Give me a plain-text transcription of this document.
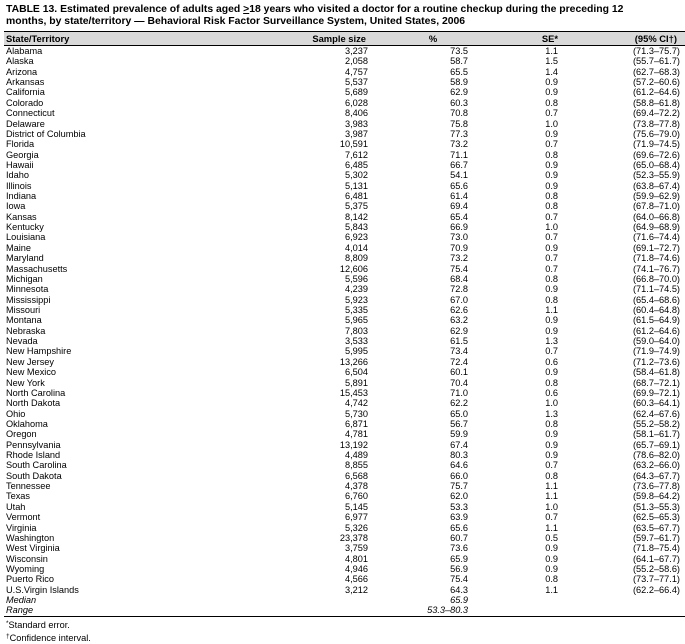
TABLE 13. Estimated prevalence of adults aged ≥18 years who visited a doctor for a routine checkup during the preceding 12 months, by state/territory — Behavioral Risk Factor Surveillance System, United States, 2006
State/Territory	Sample size	%	SE*	(95% CI†)
Alabama	3,237	73.5	1.1	(71.3–75.7)
Alaska	2,058	58.7	1.5	(55.7–61.7)
Arizona	4,757	65.5	1.4	(62.7–68.3)
Arkansas	5,537	58.9	0.9	(57.2–60.6)
California	5,689	62.9	0.9	(61.2–64.6)
Colorado	6,028	60.3	0.8	(58.8–61.8)
Connecticut	8,406	70.8	0.7	(69.4–72.2)
Delaware	3,983	75.8	1.0	(73.8–77.8)
District of Columbia	3,987	77.3	0.9	(75.6–79.0)
Florida	10,591	73.2	0.7	(71.9–74.5)
Georgia	7,612	71.1	0.8	(69.6–72.6)
Hawaii	6,485	66.7	0.9	(65.0–68.4)
Idaho	5,302	54.1	0.9	(52.3–55.9)
Illinois	5,131	65.6	0.9	(63.8–67.4)
Indiana	6,481	61.4	0.8	(59.9–62.9)
Iowa	5,375	69.4	0.8	(67.8–71.0)
Kansas	8,142	65.4	0.7	(64.0–66.8)
Kentucky	5,843	66.9	1.0	(64.9–68.9)
Louisiana	6,923	73.0	0.7	(71.6–74.4)
Maine	4,014	70.9	0.9	(69.1–72.7)
Maryland	8,809	73.2	0.7	(71.8–74.6)
Massachusetts	12,606	75.4	0.7	(74.1–76.7)
Michigan	5,596	68.4	0.8	(66.8–70.0)
Minnesota	4,239	72.8	0.9	(71.1–74.5)
Mississippi	5,923	67.0	0.8	(65.4–68.6)
Missouri	5,335	62.6	1.1	(60.4–64.8)
Montana	5,965	63.2	0.9	(61.5–64.9)
Nebraska	7,803	62.9	0.9	(61.2–64.6)
Nevada	3,533	61.5	1.3	(59.0–64.0)
New Hampshire	5,995	73.4	0.7	(71.9–74.9)
New Jersey	13,266	72.4	0.6	(71.2–73.6)
New Mexico	6,504	60.1	0.9	(58.4–61.8)
New York	5,891	70.4	0.8	(68.7–72.1)
North Carolina	15,453	71.0	0.6	(69.9–72.1)
North Dakota	4,742	62.2	1.0	(60.3–64.1)
Ohio	5,730	65.0	1.3	(62.4–67.6)
Oklahoma	6,871	56.7	0.8	(55.2–58.2)
Oregon	4,781	59.9	0.9	(58.1–61.7)
Pennsylvania	13,192	67.4	0.9	(65.7–69.1)
Rhode Island	4,489	80.3	0.9	(78.6–82.0)
South Carolina	8,855	64.6	0.7	(63.2–66.0)
South Dakota	6,568	66.0	0.8	(64.3–67.7)
Tennessee	4,378	75.7	1.1	(73.6–77.8)
Texas	6,760	62.0	1.1	(59.8–64.2)
Utah	5,145	53.3	1.0	(51.3–55.3)
Vermont	6,977	63.9	0.7	(62.5–65.3)
Virginia	5,326	65.6	1.1	(63.5–67.7)
Washington	23,378	60.7	0.5	(59.7–61.7)
West Virginia	3,759	73.6	0.9	(71.8–75.4)
Wisconsin	4,801	65.9	0.9	(64.1–67.7)
Wyoming	4,946	56.9	0.9	(55.2–58.6)
Puerto Rico	4,566	75.4	0.8	(73.7–77.1)
U.S.Virgin Islands	3,212	64.3	1.1	(62.2–66.4)
Median		65.9		
Range		53.3–80.3		
*Standard error.
†Confidence interval.
